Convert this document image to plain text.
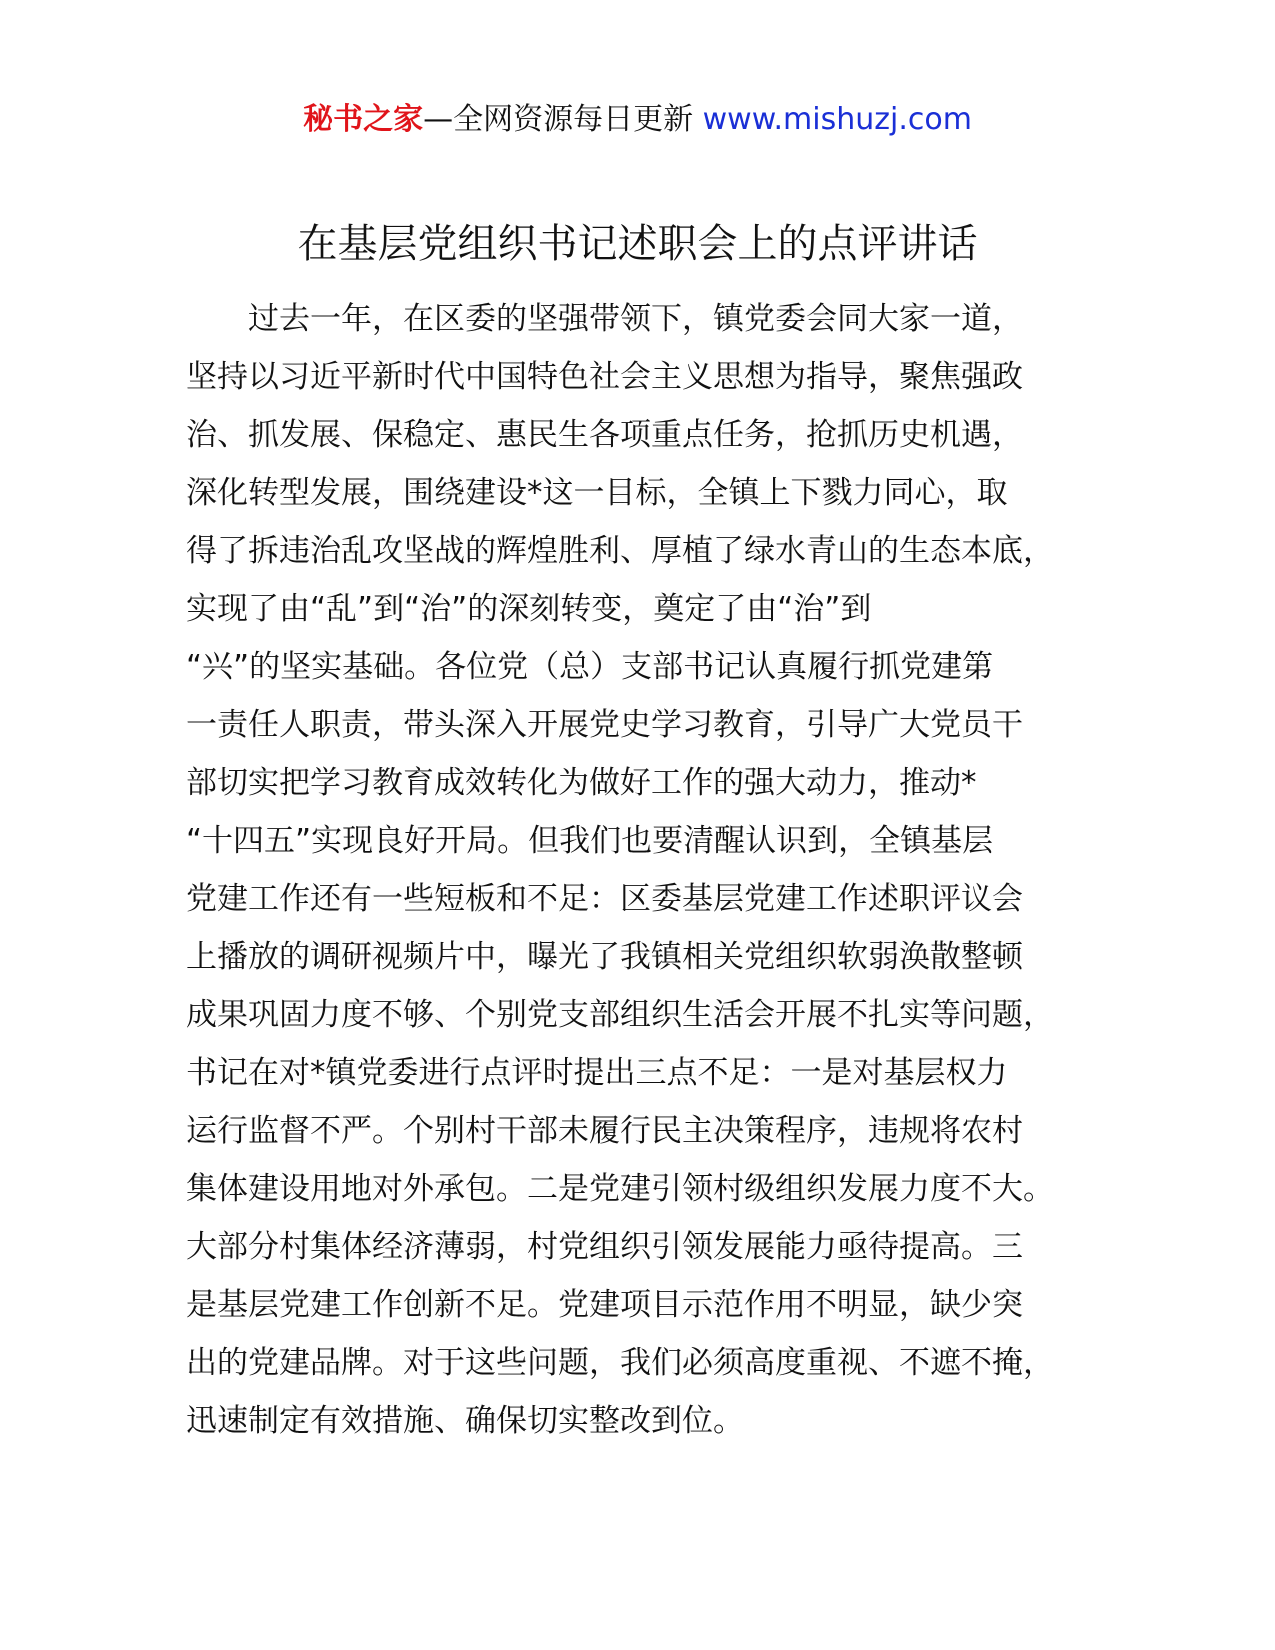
秘书之家—全网资源每日更新 www.mishuzj.com
在基层党组织书记述职会上的点评讲话
　　过去一年，在区委的坚强带领下，镇党委会同大家一道，
坚持以习近平新时代中国特色社会主义思想为指导，聚焦强政
治、抓发展、保稳定、惠民生各项重点任务，抢抓历史机遇，
深化转型发展，围绕建设*这一目标，全镇上下戮力同心，取
得了拆违治乱攻坚战的辉煌胜利、厚植了绿水青山的生态本底，
实现了由“乱”到“治”的深刻转变，奠定了由“治”到
“兴”的坚实基础。各位党（总）支部书记认真履行抓党建第
一责任人职责，带头深入开展党史学习教育，引导广大党员干
部切实把学习教育成效转化为做好工作的强大动力，推动*
“十四五”实现良好开局。但我们也要清醒认识到，全镇基层
党建工作还有一些短板和不足：区委基层党建工作述职评议会
上播放的调研视频片中，曝光了我镇相关党组织软弱涣散整顿
成果巩固力度不够、个别党支部组织生活会开展不扎实等问题，
书记在对*镇党委进行点评时提出三点不足：一是对基层权力
运行监督不严。个别村干部未履行民主决策程序，违规将农村
集体建设用地对外承包。二是党建引领村级组织发展力度不大。
大部分村集体经济薄弱，村党组织引领发展能力亟待提高。三
是基层党建工作创新不足。党建项目示范作用不明显，缺少突
出的党建品牌。对于这些问题，我们必须高度重视、不遮不掩，
迅速制定有效措施、确保切实整改到位。
